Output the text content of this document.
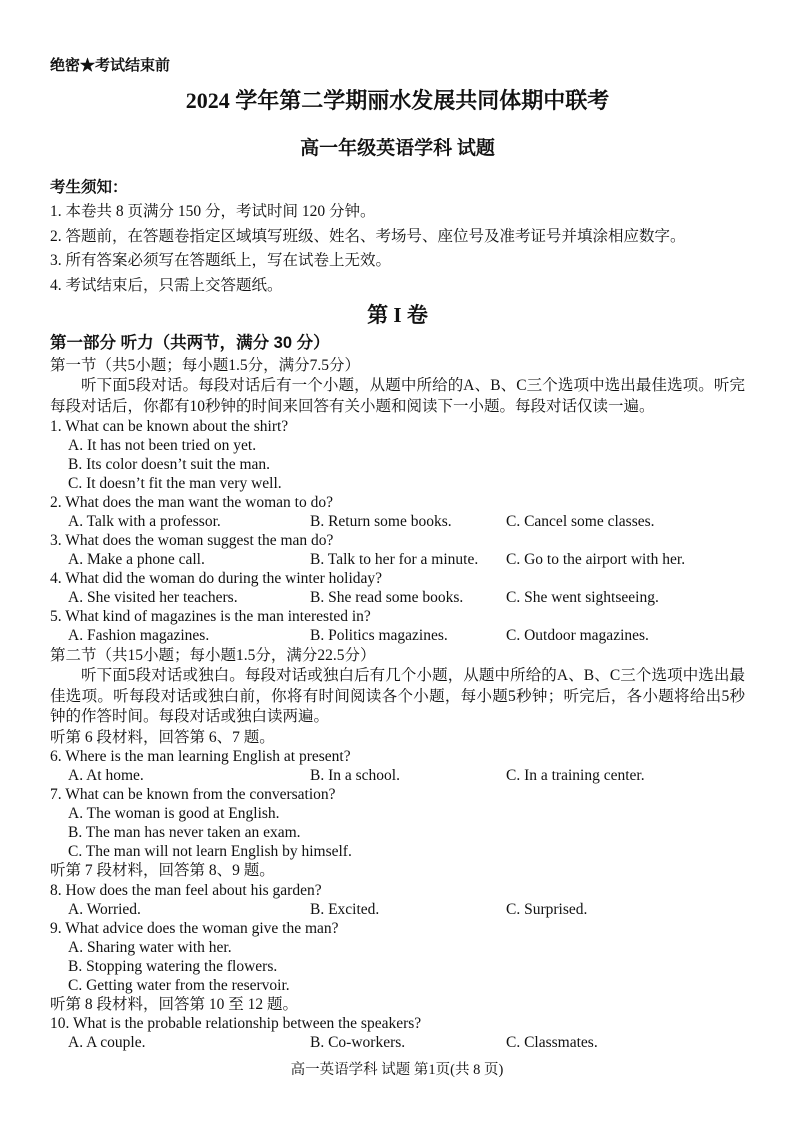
绝密★考试结束前
2024 学年第二学期丽水发展共同体期中联考
高一年级英语学科 试题
考生须知：
1. 本卷共 8 页满分 150 分，考试时间 120 分钟。
2. 答题前，在答题卷指定区域填写班级、姓名、考场号、座位号及准考证号并填涂相应数字。
3. 所有答案必须写在答题纸上，写在试卷上无效。
4. 考试结束后，只需上交答题纸。
第 I 卷
第一部分 听力（共两节，满分 30 分）
第一节（共5小题；每小题1.5分，满分7.5分）
听下面5段对话。每段对话后有一个小题，从题中所给的A、B、C三个选项中选出最佳选项。听完每段对话后，你都有10秒钟的时间来回答有关小题和阅读下一小题。每段对话仅读一遍。
1. What can be known about the shirt?
A. It has not been tried on yet.
B. Its color doesn’t suit the man.
C. It doesn’t fit the man very well.
2. What does the man want the woman to do?
A. Talk with a professor.	B. Return some books.	C. Cancel some classes.
3. What does the woman suggest the man do?
A. Make a phone call.	B. Talk to her for a minute.	C. Go to the airport with her.
4. What did the woman do during the winter holiday?
A. She visited her teachers.	B. She read some books.	C. She went sightseeing.
5. What kind of magazines is the man interested in?
A. Fashion magazines.	B. Politics magazines.	C. Outdoor magazines.
第二节（共15小题；每小题1.5分，满分22.5分）
听下面5段对话或独白。每段对话或独白后有几个小题，从题中所给的A、B、C三个选项中选出最佳选项。听每段对话或独白前，你将有时间阅读各个小题，每小题5秒钟；听完后，各小题将给出5秒钟的作答时间。每段对话或独白读两遍。
听第 6 段材料，回答第 6、7 题。
6. Where is the man learning English at present?
A. At home.	B. In a school.	C. In a training center.
7. What can be known from the conversation?
A. The woman is good at English.
B. The man has never taken an exam.
C. The man will not learn English by himself.
听第 7 段材料，回答第 8、9 题。
8. How does the man feel about his garden?
A. Worried.	B. Excited.	C. Surprised.
9. What advice does the woman give the man?
A. Sharing water with her.
B. Stopping watering the flowers.
C. Getting water from the reservoir.
听第 8 段材料，回答第 10 至 12 题。
10. What is the probable relationship between the speakers?
A. A couple.	B. Co-workers.	C. Classmates.
高一英语学科 试题 第1页(共 8 页)
